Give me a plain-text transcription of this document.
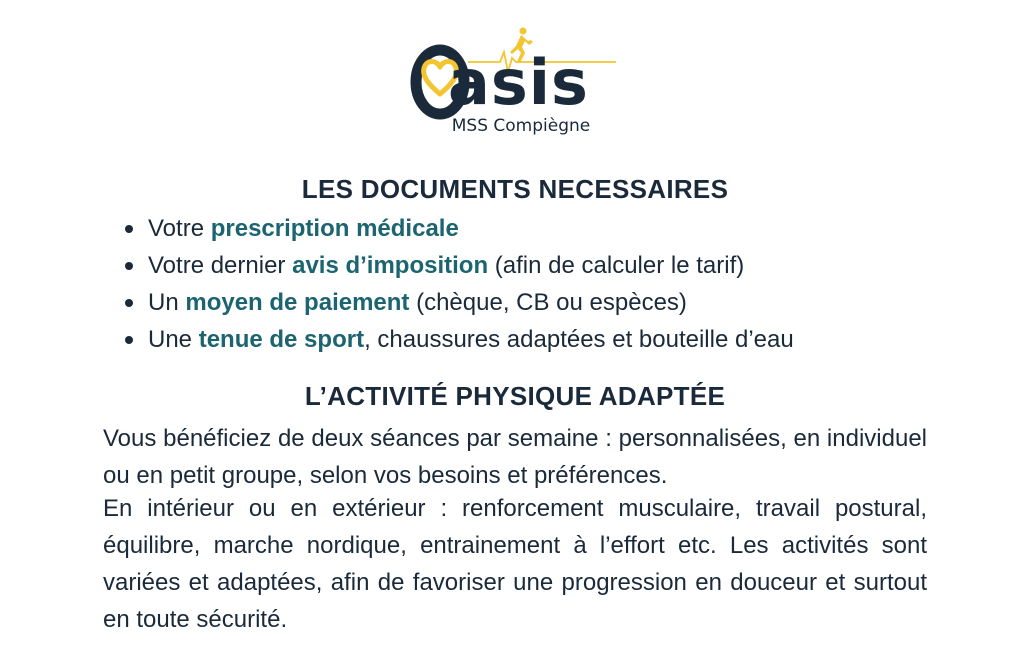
asis
MSS Compiègne
LES DOCUMENTS NECESSAIRES
Votre prescription médicale
Votre dernier avis d’imposition (afin de calculer le tarif)
Un moyen de paiement (chèque, CB ou espèces)
Une tenue de sport, chaussures adaptées et bouteille d’eau
L’ACTIVITÉ PHYSIQUE ADAPTÉE

Vous bénéficiez de deux séances par semaine : personnalisées, en individuel ou en petit groupe, selon vos besoins et préférences.

En intérieur ou en extérieur : renforcement musculaire, travail postural, équilibre, marche nordique, entrainement à l’effort etc. Les activités sont variées et adaptées, afin de favoriser une progression en douceur et surtout en toute sécurité.
